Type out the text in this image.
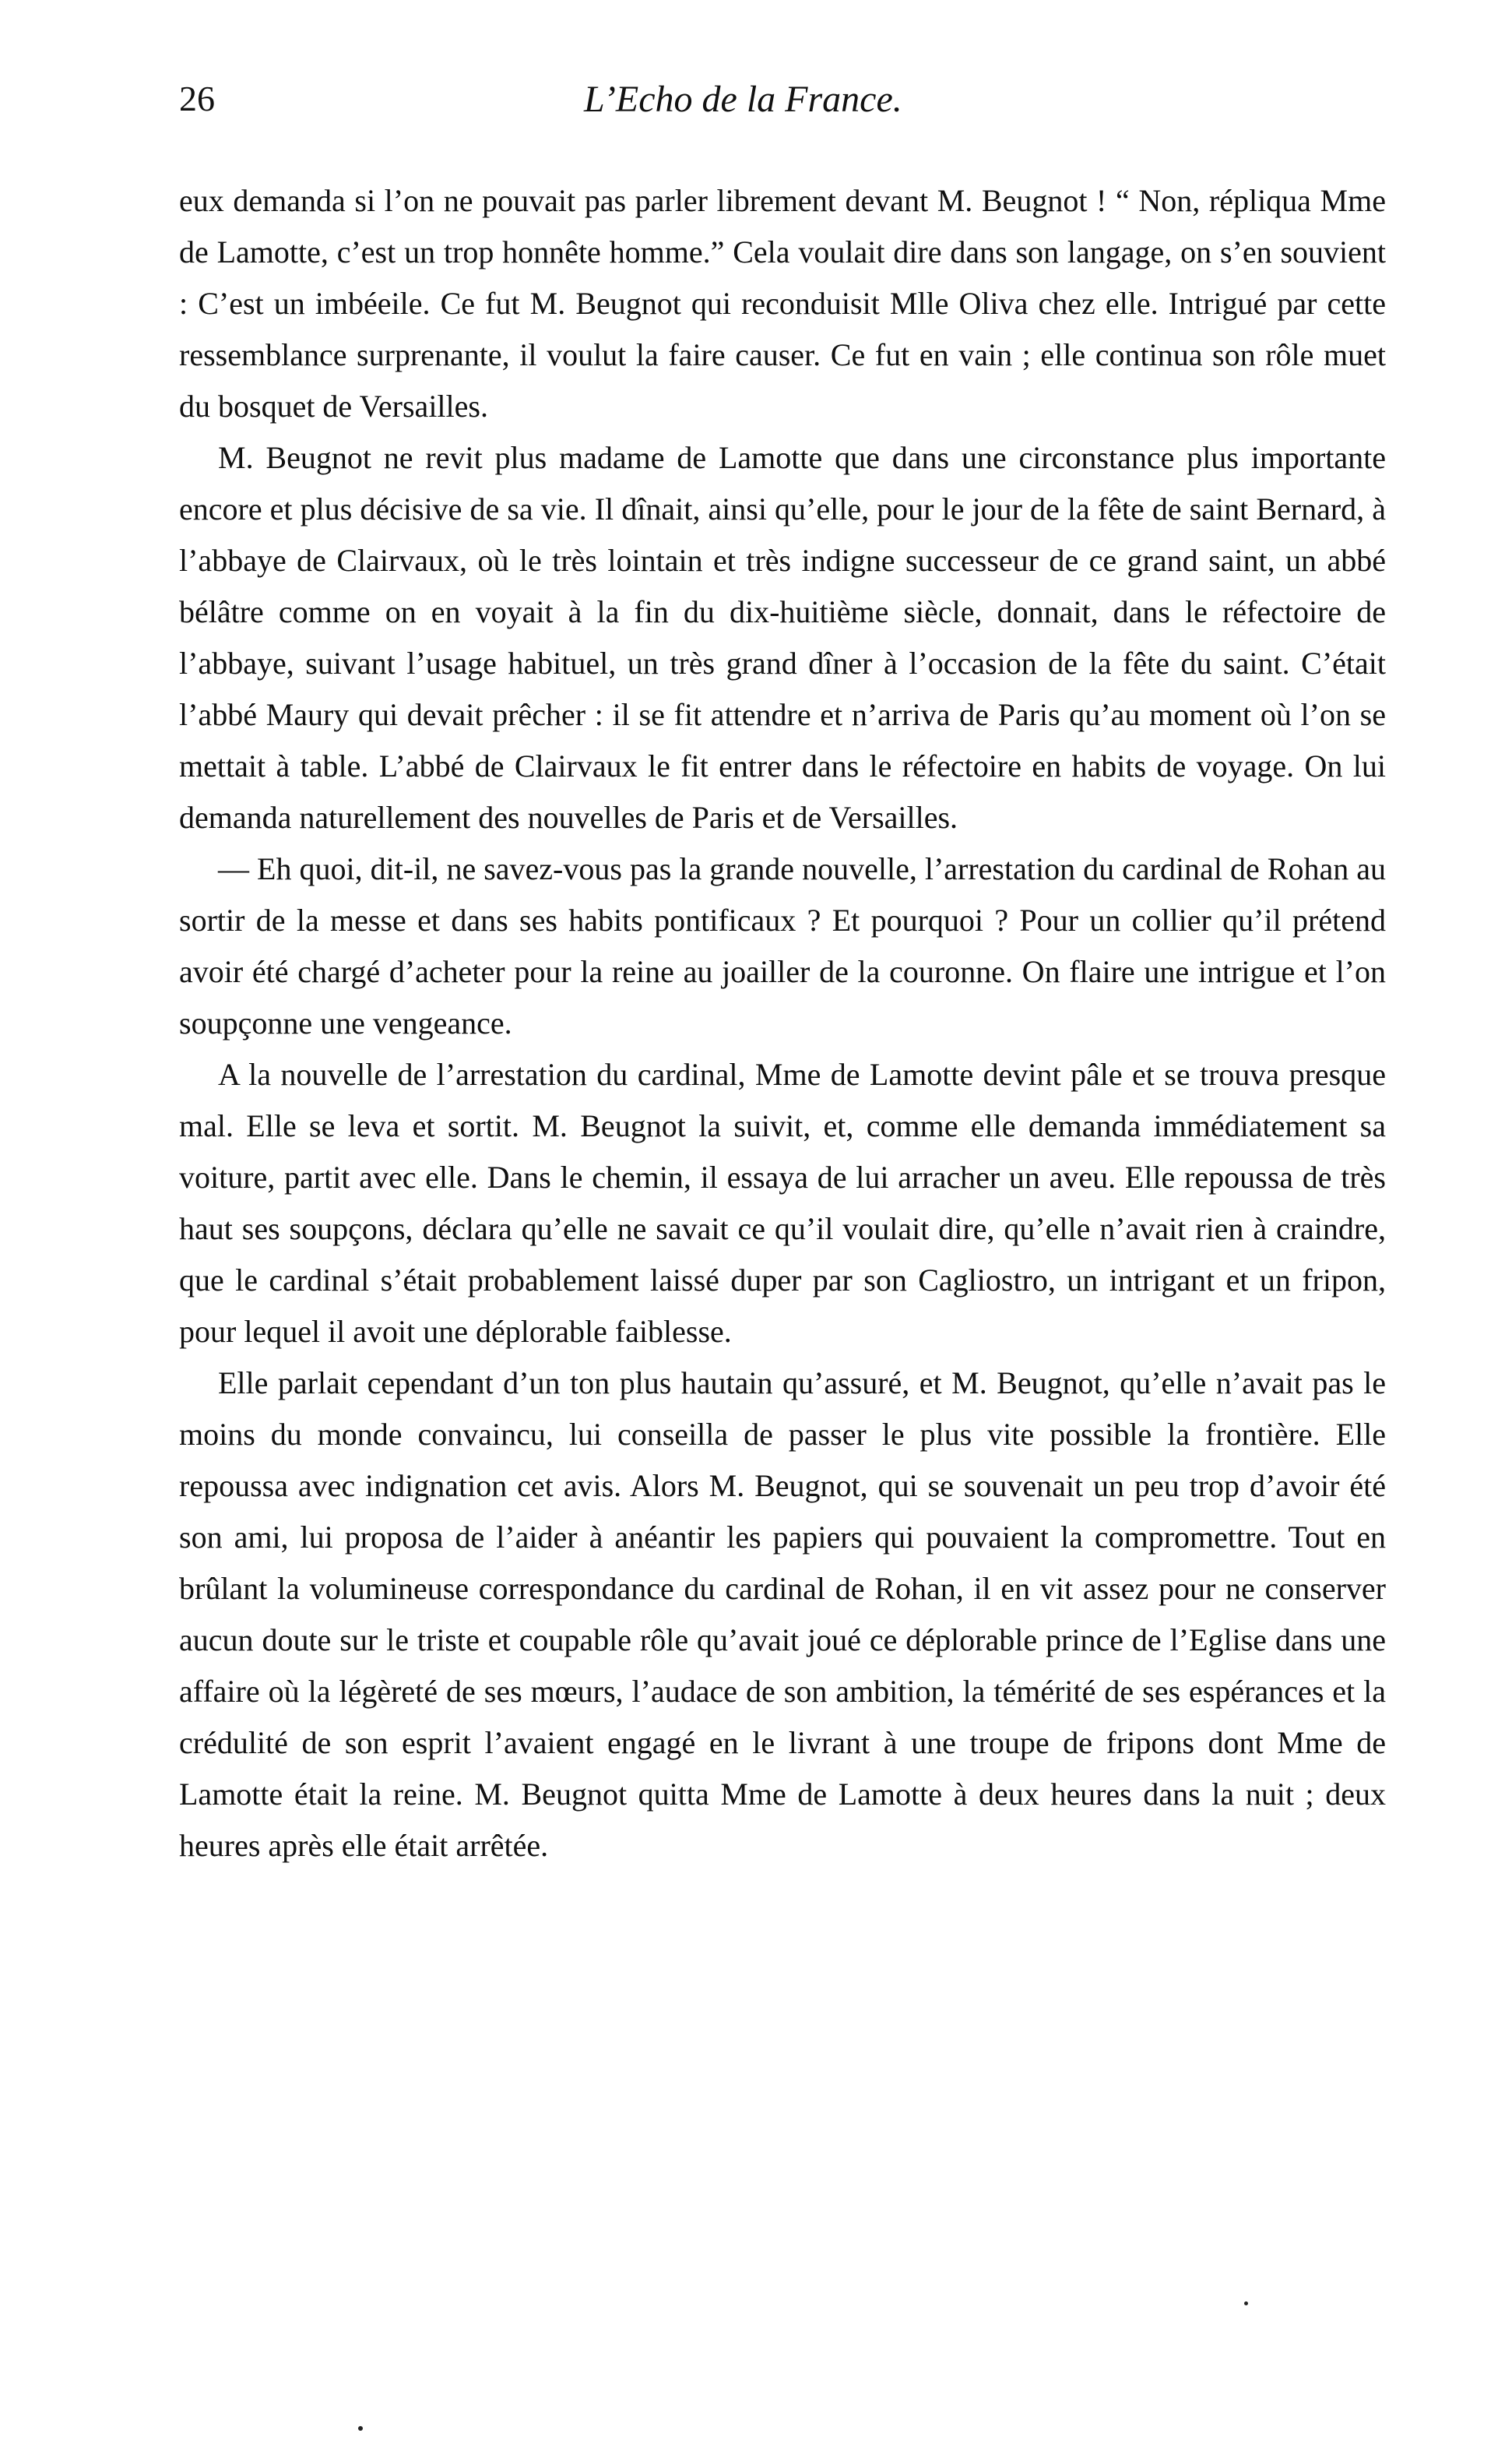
26	L’Echo de la France.

eux demanda si l’on ne pouvait pas parler librement devant M. Beugnot ! “ Non, répliqua Mme de Lamotte, c’est un trop honnête homme.” Cela voulait dire dans son langage, on s’en souvient : C’est un imbéeile. Ce fut M. Beugnot qui reconduisit Mlle Oliva chez elle. Intrigué par cette ressemblance surprenante, il voulut la faire causer. Ce fut en vain ; elle continua son rôle muet du bosquet de Versailles.

M. Beugnot ne revit plus madame de Lamotte que dans une circonstance plus importante encore et plus décisive de sa vie. Il dînait, ainsi qu’elle, pour le jour de la fête de saint Bernard, à l’abbaye de Clairvaux, où le très lointain et très indigne successeur de ce grand saint, un abbé bélâtre comme on en voyait à la fin du dix-huitième siècle, donnait, dans le réfectoire de l’abbaye, suivant l’usage habituel, un très grand dîner à l’occasion de la fête du saint. C’était l’abbé Maury qui devait prêcher : il se fit attendre et n’arriva de Paris qu’au moment où l’on se mettait à table. L’abbé de Clairvaux le fit entrer dans le réfectoire en habits de voyage. On lui demanda naturellement des nouvelles de Paris et de Versailles.

— Eh quoi, dit-il, ne savez-vous pas la grande nouvelle, l’arrestation du cardinal de Rohan au sortir de la messe et dans ses habits pontificaux ? Et pourquoi ? Pour un collier qu’il prétend avoir été chargé d’acheter pour la reine au joailler de la couronne. On flaire une intrigue et l’on soupçonne une vengeance.

A la nouvelle de l’arrestation du cardinal, Mme de Lamotte devint pâle et se trouva presque mal. Elle se leva et sortit. M. Beugnot la suivit, et, comme elle demanda immédiatement sa voiture, partit avec elle. Dans le chemin, il essaya de lui arracher un aveu. Elle repoussa de très haut ses soupçons, déclara qu’elle ne savait ce qu’il voulait dire, qu’elle n’avait rien à craindre, que le cardinal s’était probablement laissé duper par son Cagliostro, un intrigant et un fripon, pour lequel il avoit une déplorable faiblesse.

Elle parlait cependant d’un ton plus hautain qu’assuré, et M. Beugnot, qu’elle n’avait pas le moins du monde convaincu, lui conseilla de passer le plus vite possible la frontière. Elle repoussa avec indignation cet avis. Alors M. Beugnot, qui se souvenait un peu trop d’avoir été son ami, lui proposa de l’aider à anéantir les papiers qui pouvaient la compromettre. Tout en brûlant la volumineuse correspondance du cardinal de Rohan, il en vit assez pour ne conserver aucun doute sur le triste et coupable rôle qu’avait joué ce déplorable prince de l’Eglise dans une affaire où la légèreté de ses mœurs, l’audace de son ambition, la témérité de ses espérances et la crédulité de son esprit l’avaient engagé en le livrant à une troupe de fripons dont Mme de Lamotte était la reine. M. Beugnot quitta Mme de Lamotte à deux heures dans la nuit ; deux heures après elle était arrêtée.
